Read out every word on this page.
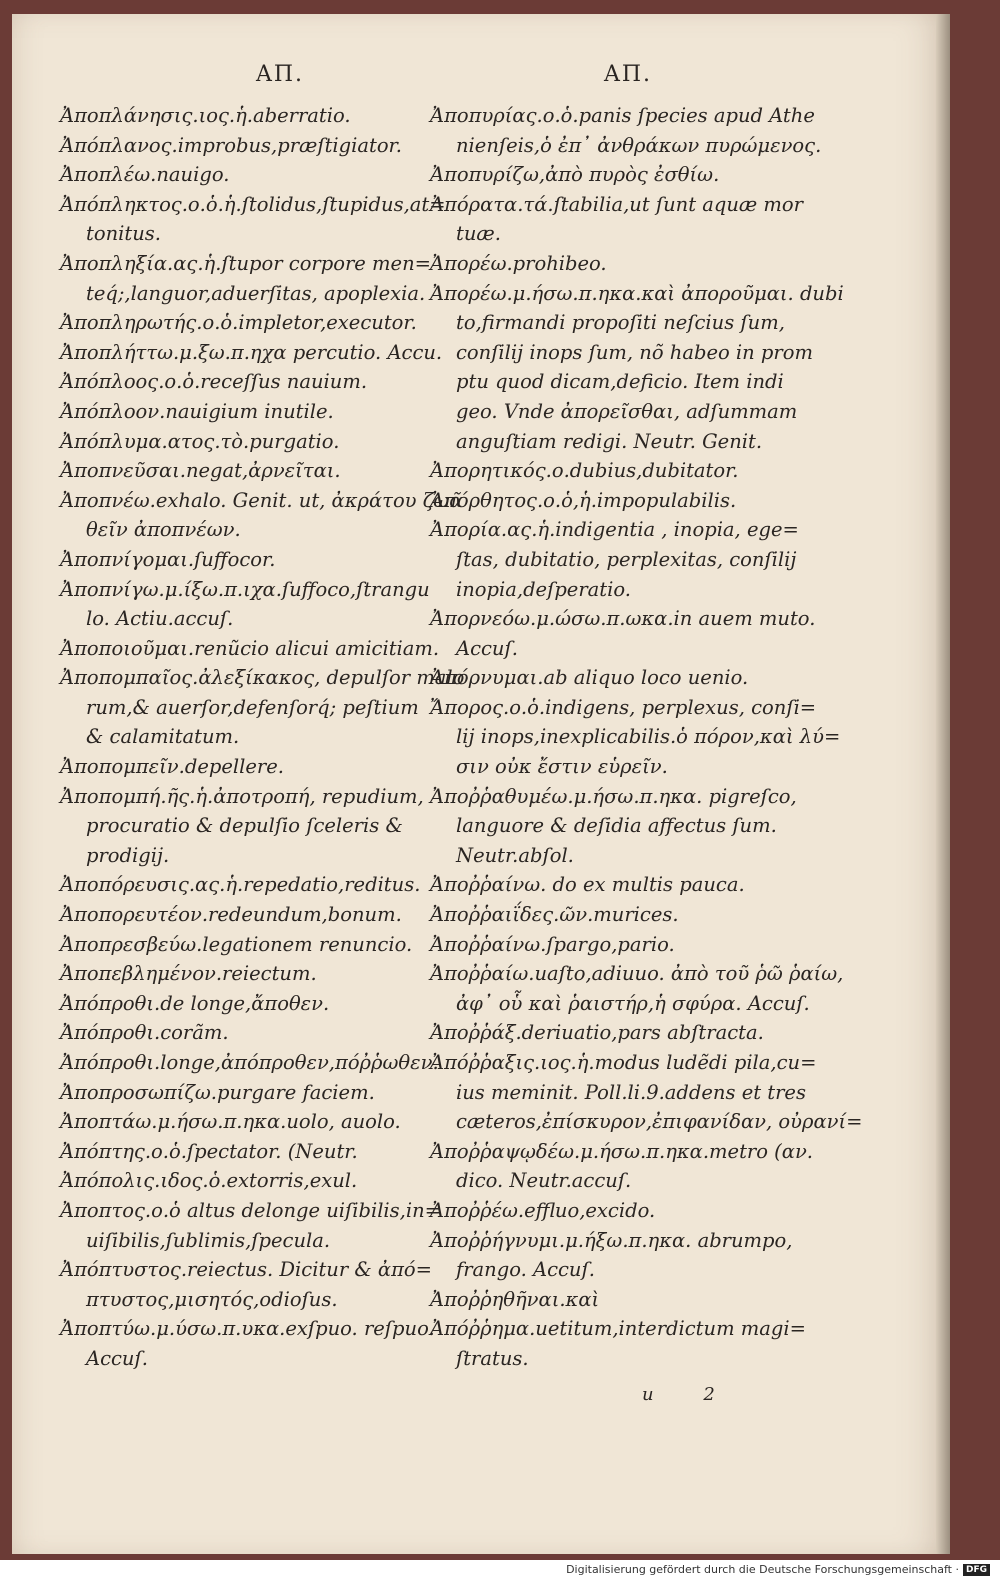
ΑΠ.
Ἀποπλάνησις.ιος.ἡ.aberratio.
Ἀπόπλανος.improbus,præſtigiator.
Ἀποπλέω.nauigo.
Ἀπόπληκτος.ο.ὁ.ἡ.ſtolidus,ſtupidus,at=
tonitus.
Ἀποπληξία.ας.ἡ.ſtupor corpore men=
teq́;,languor,aduerſitas, apoplexia.
Ἀποπληρωτής.ο.ὁ.impletor,executor.
Ἀποπλήττω.μ.ξω.π.ηχα percutio. Accu.
Ἀπόπλοος.ο.ὁ.receſſus nauium.
Ἀπόπλοον.nauigium inutile.
Ἀπόπλυμα.ατος.τὸ.purgatio.
Ἀποπνεῦσαι.negat,ἀρνεῖται.
Ἀποπνέω.exhalo. Genit. ut, ἀκράτου ζωᾶ
θεῖν ἀποπνέων.
Ἀποπνίγομαι.ſuffocor.
Ἀποπνίγω.μ.ίξω.π.ιχα.ſuffoco,ſtrangu
lo. Actiu.accuſ.
Ἀποποιοῦμαι.renũcio alicui amicitiam.
Ἀποπομπαῖος.ἀλεξίκακος, depulſor malo
rum,& auerſor,defenſorq́; peſtium
& calamitatum.
Ἀποπομπεῖν.depellere.
Ἀποπομπή.ῆς.ἡ.ἀποτροπή, repudium,
procuratio & depulſio ſceleris &
prodigij.
Ἀποπόρευσις.ας.ἡ.repedatio,reditus.
Ἀποπορευτέον.redeundum,bonum.
Ἀποπρεσβεύω.legationem renuncio.
Ἀποπεβλημένον.reiectum.
Ἀπόπροθι.de longe,ἄποθεν.
Ἀπόπροθι.corãm.
Ἀπόπροθι.longe,ἀπόπροθεν,πόῤῥωθεν.
Ἀποπροσωπίζω.purgare faciem.
Ἀποπτάω.μ.ήσω.π.ηκα.uolo, auolo.
Ἀπόπτης.ο.ὁ.ſpectator. (Neutr.
Ἀπόπολις.ιδος.ὁ.extorris,exul.
Ἀποπτος.ο.ὁ altus delonge uiſibilis,in=
uiſibilis,ſublimis,ſpecula.
Ἀπόπτυστος.reiectus. Dicitur & ἀπό=
πτυστος,μισητός,odioſus.
Ἀποπτύω.μ.ύσω.π.υκα.exſpuo. reſpuo.
Accuſ.
ΑΠ.
Ἀποπυρίας.ο.ὁ.panis ſpecies apud Athe
nienſeis,ὁ ἐπ᾽ ἀνθράκων πυρώμενος.
Ἀποπυρίζω,ἀπὸ πυρὸς ἐσθίω.
Ἀπόρατα.τά.ſtabilia,ut ſunt aquæ mor
tuæ.
Ἀπορέω.prohibeo.
Ἀπορέω.μ.ήσω.π.ηκα.καὶ ἀποροῦμαι. dubi
to,firmandi propoſiti neſcius ſum,
conſilij inops ſum, nõ habeo in prom
ptu quod dicam,deficio. Item indi
geo. Vnde ἀπορεῖσθαι, adſummam
anguſtiam redigi. Neutr. Genit.
Ἀπορητικός.ο.dubius,dubitator.
Ἀπόρθητος.ο.ὁ,ἡ.impopulabilis.
Ἀπορία.ας.ἡ.indigentia , inopia, ege=
ſtas, dubitatio, perplexitas, conſilij
inopia,deſperatio.
Ἀπορνεόω.μ.ώσω.π.ωκα.in auem muto.
Accuſ.
Ἀπόρνυμαι.ab aliquo loco uenio.
Ἄπορος.ο.ὁ.indigens, perplexus, conſi=
lij inops,inexplicabilis.ὁ πόρον,καὶ λύ=
σιν οὐκ ἔστιν εὑρεῖν.
Ἀποῤῥαθυμέω.μ.ήσω.π.ηκα. pigreſco,
languore & deſidia affectus ſum.
Neutr.abſol.
Ἀποῤῥαίνω. do ex multis pauca.
Ἀποῤῥαιΐδες.ῶν.murices.
Ἀποῤῥαίνω.ſpargo,pario.
Ἀποῤῥαίω.uaſto,adiuuo. ἀπὸ τοῦ ῥῶ ῥαίω,
ἀφ᾽ οὗ καὶ ῥαιστήρ,ἡ σφύρα. Accuſ.
Ἀποῤῥάξ.deriuatio,pars abſtracta.
Ἀπόῤῥαξις.ιος.ἡ.modus ludẽdi pila,cu=
ius meminit. Poll.li.9.addens et tres
cæteros,ἐπίσκυρον,ἐπιφανίδαν, οὐρανί=
Ἀποῤῥαψῳδέω.μ.ήσω.π.ηκα.metro (αν.
dico. Neutr.accuſ.
Ἀποῤῥέω.effluo,excido.
Ἀποῤῥήγνυμι.μ.ήξω.π.ηκα. abrumpo,
frango. Accuſ.
Ἀποῤῥηθῆναι.καὶ
Ἀπόῤῥημα.uetitum,interdictum magi=
ſtratus.
u 2
Digitalisierung gefördert durch die Deutsche Forschungsgemeinschaft · DFG
